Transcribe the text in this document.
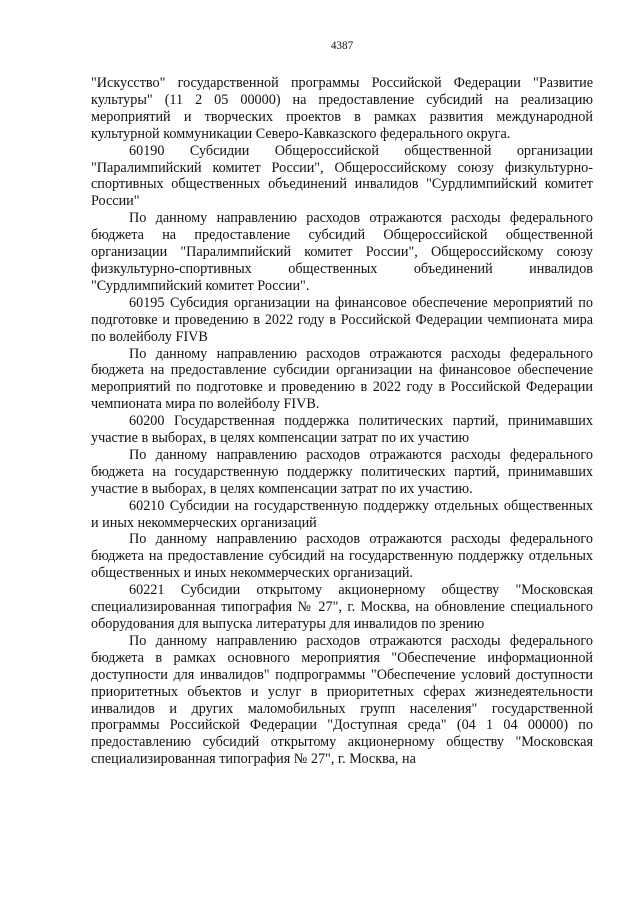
4387

"Искусство" государственной программы Российской Федерации "Развитие культуры" (11 2 05 00000) на предоставление субсидий на реализацию мероприятий и творческих проектов в рамках развития международной культурной коммуникации Северо-Кавказского федерального округа.

60190 Субсидии Общероссийской общественной организации "Паралимпийский комитет России", Общероссийскому союзу физкультурно-спортивных общественных объединений инвалидов "Сурдлимпийский комитет России"

По данному направлению расходов отражаются расходы федерального бюджета на предоставление субсидий Общероссийской общественной организации "Паралимпийский комитет России", Общероссийскому союзу физкультурно-спортивных общественных объединений инвалидов "Сурдлимпийский комитет России".

60195 Субсидия организации на финансовое обеспечение мероприятий по подготовке и проведению в 2022 году в Российской Федерации чемпионата мира по волейболу FIVB

По данному направлению расходов отражаются расходы федерального бюджета на предоставление субсидии организации на финансовое обеспечение мероприятий по подготовке и проведению в 2022 году в Российской Федерации чемпионата мира по волейболу FIVB.

60200 Государственная поддержка политических партий, принимавших участие в выборах, в целях компенсации затрат по их участию

По данному направлению расходов отражаются расходы федерального бюджета на государственную поддержку политических партий, принимавших участие в выборах, в целях компенсации затрат по их участию.

60210 Субсидии на государственную поддержку отдельных общественных и иных некоммерческих организаций

По данному направлению расходов отражаются расходы федерального бюджета на предоставление субсидий на государственную поддержку отдельных общественных и иных некоммерческих организаций.

60221 Субсидии открытому акционерному обществу "Московская специализированная типография № 27", г. Москва, на обновление специального оборудования для выпуска литературы для инвалидов по зрению

По данному направлению расходов отражаются расходы федерального бюджета в рамках основного мероприятия "Обеспечение информационной доступности для инвалидов" подпрограммы "Обеспечение условий доступности приоритетных объектов и услуг в приоритетных сферах жизнедеятельности инвалидов и других маломобильных групп населения" государственной программы Российской Федерации "Доступная среда" (04 1 04 00000) по предоставлению субсидий открытому акционерному обществу "Московская специализированная типография № 27", г. Москва, на
